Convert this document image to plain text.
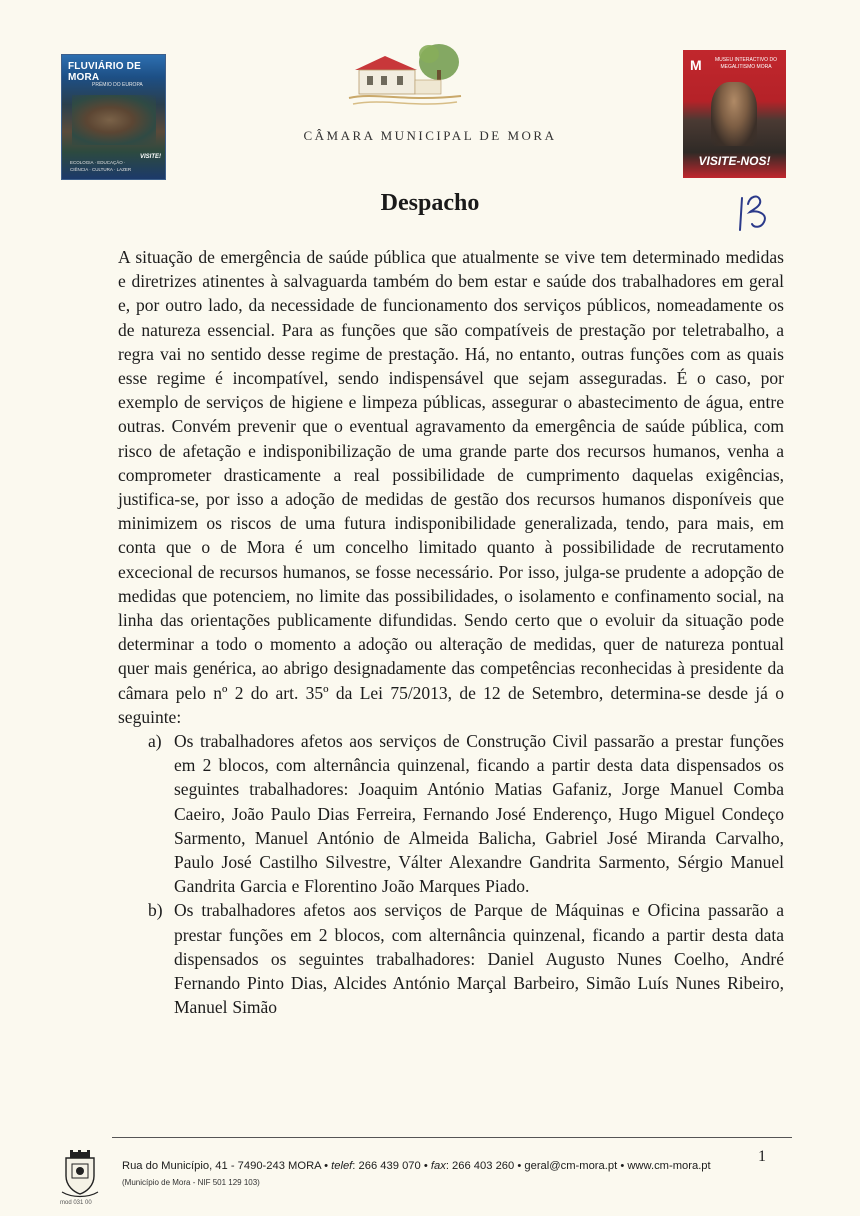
FLUVIÁRIO DE MORA
PRÉMIO DO EUROPA
VISITE!
ECOLOGIA · EDUCAÇÃO · CIÊNCIA · CULTURA · LAZER
CÂMARA MUNICIPAL DE MORA
M	MUSEU INTERACTIVO DO MEGALITISMO MORA
VISITE-NOS!
Despacho

A situação de emergência de saúde pública que atualmente se vive tem determinado medidas e diretrizes atinentes à salvaguarda também do bem estar e saúde dos trabalhadores em geral e, por outro lado, da necessidade de funcionamento dos serviços públicos, nomeadamente os de natureza essencial. Para as funções que são compatíveis de prestação por teletrabalho, a regra vai no sentido desse regime de prestação. Há, no entanto, outras funções com as quais esse regime é incompatível, sendo indispensável que sejam asseguradas. É o caso, por exemplo de serviços de higiene e limpeza públicas, assegurar o abastecimento de água, entre outras. Convém prevenir que o eventual agravamento da emergência de saúde pública, com risco de afetação e indisponibilização de uma grande parte dos recursos humanos, venha a comprometer drasticamente a real possibilidade de cumprimento daquelas exigências, justifica-se, por isso a adoção de medidas de gestão dos recursos humanos disponíveis que minimizem os riscos de uma futura indisponibilidade generalizada, tendo, para mais, em conta que o de Mora é um concelho limitado quanto à possibilidade de recrutamento excecional de recursos humanos, se fosse necessário. Por isso, julga-se prudente a adopção de medidas que potenciem, no limite das possibilidades, o isolamento e confinamento social, na linha das orientações publicamente difundidas. Sendo certo que o evoluir da situação pode determinar a todo o momento a adoção ou alteração de medidas, quer de natureza pontual quer mais genérica, ao abrigo designadamente das competências reconhecidas à presidente da câmara pelo nº 2 do art. 35º da Lei 75/2013, de 12 de Setembro, determina-se desde já o seguinte:

a) Os trabalhadores afetos aos serviços de Construção Civil passarão a prestar funções em 2 blocos, com alternância quinzenal, ficando a partir desta data dispensados os seguintes trabalhadores: Joaquim António Matias Gafaniz, Jorge Manuel Comba Caeiro, João Paulo Dias Ferreira, Fernando José Enderenço, Hugo Miguel Condeço Sarmento, Manuel António de Almeida Balicha, Gabriel José Miranda Carvalho, Paulo José Castilho Silvestre, Válter Alexandre Gandrita Sarmento, Sérgio Manuel Gandrita Garcia e Florentino João Marques Piado.
b) Os trabalhadores afetos aos serviços de Parque de Máquinas e Oficina passarão a prestar funções em 2 blocos, com alternância quinzenal, ficando a partir desta data dispensados os seguintes trabalhadores: Daniel Augusto Nunes Coelho, André Fernando Pinto Dias, Alcides António Marçal Barbeiro, Simão Luís Nunes Ribeiro, Manuel Simão
1
Rua do Município, 41 - 7490-243 MORA • telef: 266 439 070 • fax: 266 403 260 • geral@cm-mora.pt • www.cm-mora.pt
(Município de Mora - NIF 501 129 103)
mod 031 00
